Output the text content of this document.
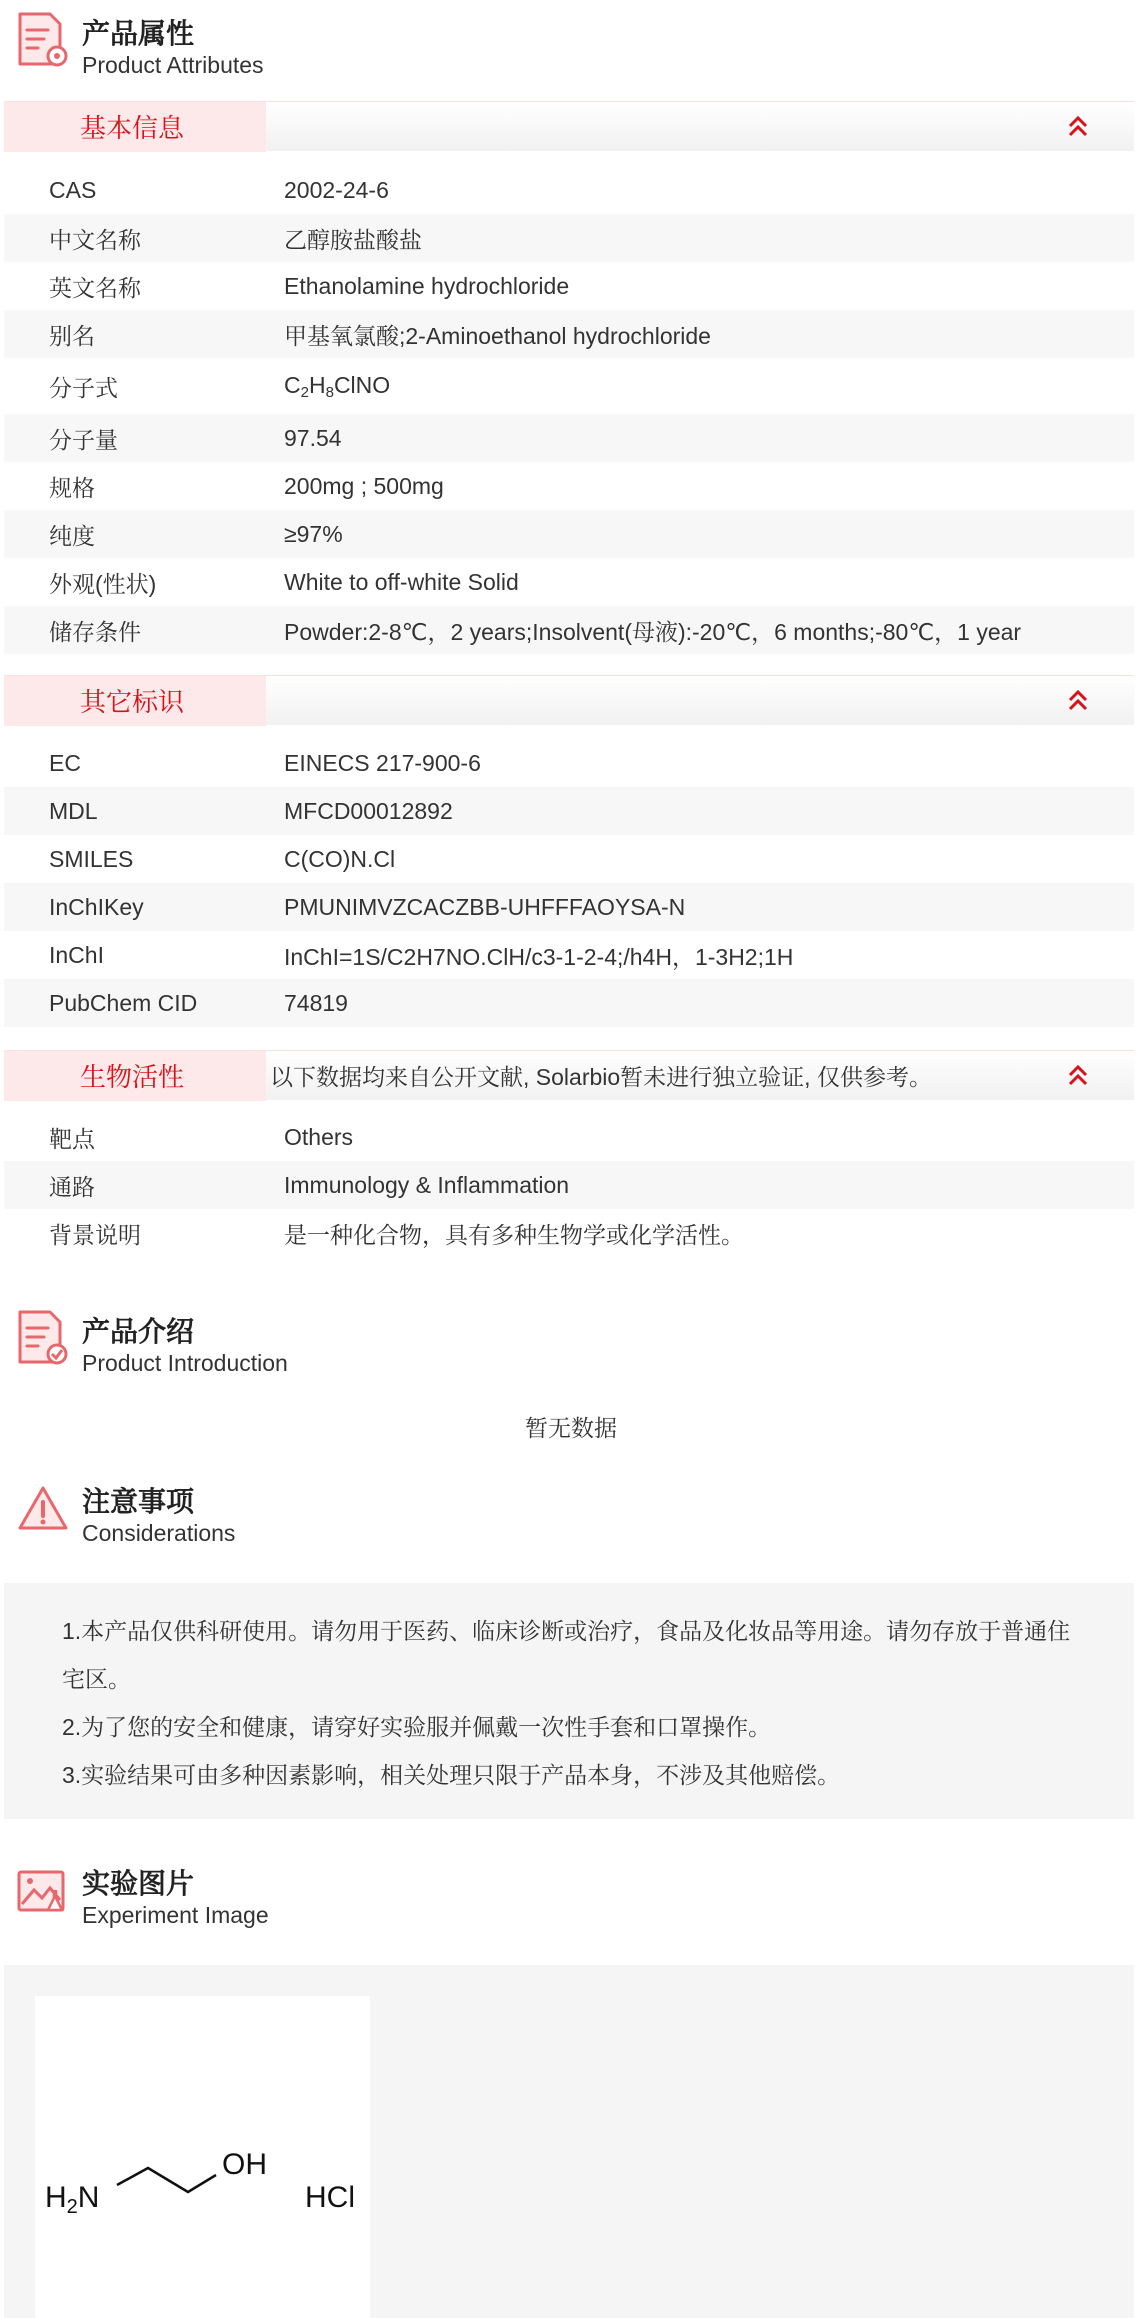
产品属性
Product Attributes
基本信息
CAS	2002-24-6
中文名称	乙醇胺盐酸盐
英文名称	Ethanolamine hydrochloride
别名	甲基氧氯酸;2-Aminoethanol hydrochloride
分子式	$C_2H_8ClNO$
分子量	97.54
规格	200mg ; 500mg
纯度	≥97%
外观(性状)	White to off-white Solid
储存条件	Powder:2-8℃，2 years;Insolvent(母液):-20℃，6 months;-80℃，1 year
其它标识
EC	EINECS 217-900-6
MDL	MFCD00012892
SMILES	C(CO)N.Cl
InChIKey	PMUNIMVZCACZBB-UHFFFAOYSA-N
InChI	InChI=1S/C2H7NO.ClH/c3-1-2-4;/h4H，1-3H2;1H
PubChem CID	74819
生物活性	以下数据均来自公开文献, Solarbio暂未进行独立验证, 仅供参考。
靶点	Others
通路	Immunology & Inflammation
背景说明	是一种化合物，具有多种生物学或化学活性。
产品介绍
Product Introduction
暂无数据
注意事项
Considerations
1.本产品仅供科研使用。请勿用于医药、临床诊断或治疗，食品及化妆品等用途。请勿存放于普通住宅区。
2.为了您的安全和健康，请穿好实验服并佩戴一次性手套和口罩操作。
3.实验结果可由多种因素影响，相关处理只限于产品本身，不涉及其他赔偿。
实验图片
Experiment Image
$H_2N$
OH
HCl
